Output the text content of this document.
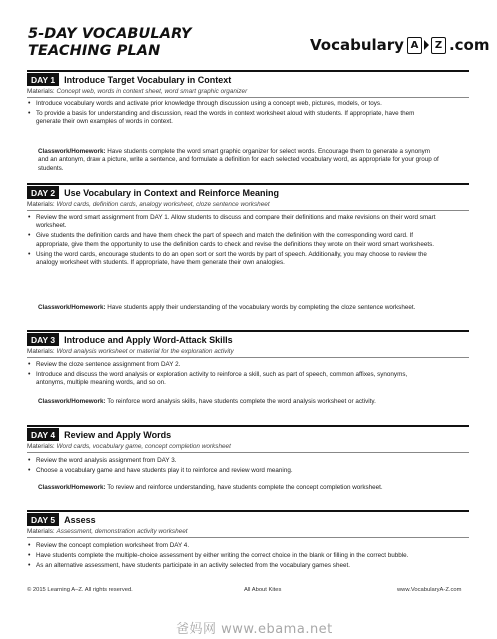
5-DAY VOCABULARY
TEACHING PLAN	Vocabulary A	Z .com
DAY 1	Introduce Target Vocabulary in Context
Materials: Concept web, words in context sheet, word smart graphic organizer
• Introduce vocabulary words and activate prior knowledge through discussion using a concept web, pictures, models, or toys.
• To provide a basis for understanding and discussion, read the words in context worksheet aloud with students. If appropriate, have them generate their own examples of words in context.
Classwork/Homework: Have students complete the word smart graphic organizer for select words. Encourage them to generate a synonym and an antonym, draw a picture, write a sentence, and formulate a definition for each selected vocabulary word, as appropriate for your group of students.
DAY 2	Use Vocabulary in Context and Reinforce Meaning
Materials: Word cards, definition cards, analogy worksheet, cloze sentence worksheet
• Review the word smart assignment from DAY 1. Allow students to discuss and compare their definitions and make revisions on their word smart worksheet.
• Give students the definition cards and have them check the part of speech and match the definition with the corresponding word card. If appropriate, give them the opportunity to use the definition cards to check and revise the definitions they wrote on their word smart worksheets.
• Using the word cards, encourage students to do an open sort or sort the words by part of speech. Additionally, you may choose to review the analogy worksheet with students. If appropriate, have them generate their own analogies.
Classwork/Homework: Have students apply their understanding of the vocabulary words by completing the cloze sentence worksheet.
DAY 3	Introduce and Apply Word-Attack Skills
Materials: Word analysis worksheet or material for the exploration activity
• Review the cloze sentence assignment from DAY 2.
• Introduce and discuss the word analysis or exploration activity to reinforce a skill, such as part of speech, common affixes, synonyms, antonyms, multiple meaning words, and so on.
Classwork/Homework: To reinforce word analysis skills, have students complete the word analysis worksheet or activity.
DAY 4	Review and Apply Words
Materials: Word cards, vocabulary game, concept completion worksheet
• Review the word analysis assignment from DAY 3.
• Choose a vocabulary game and have students play it to reinforce and review word meaning.
Classwork/Homework: To review and reinforce understanding, have students complete the concept completion worksheet.
DAY 5	Assess
Materials: Assessment, demonstration activity worksheet
• Review the concept completion worksheet from DAY 4.
• Have students complete the multiple-choice assessment by either writing the correct choice in the blank or filling in the correct bubble.
• As an alternative assessment, have students participate in an activity selected from the vocabulary games sheet.
© 2015 Learning A–Z. All rights reserved.	All About Kites	www.VocabularyA-Z.com
爸妈网 www.ebama.net
